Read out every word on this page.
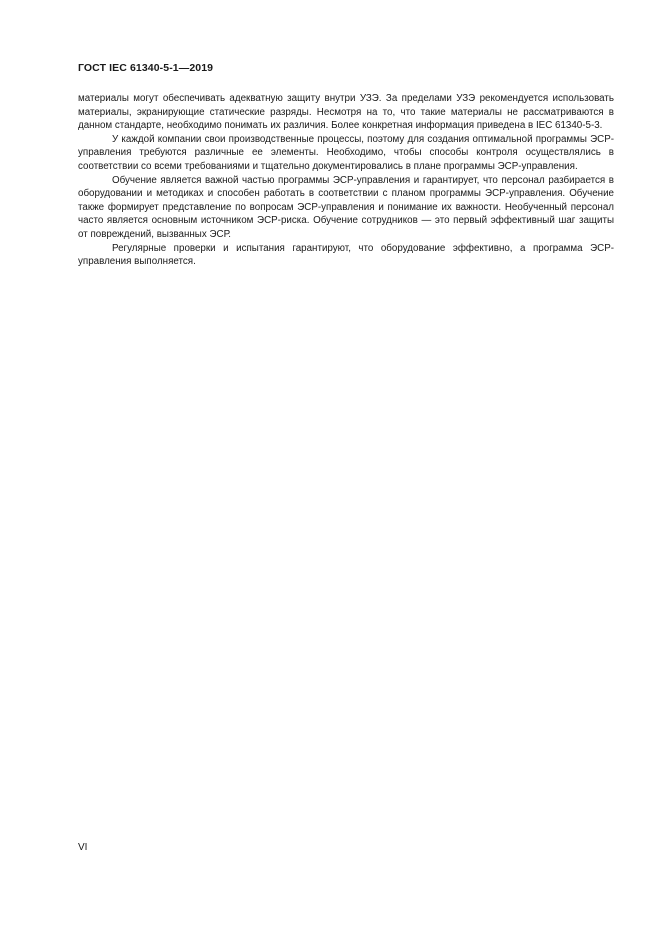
ГОСТ IEC 61340-5-1—2019

материалы могут обеспечивать адекватную защиту внутри УЗЭ. За пределами УЗЭ рекомендуется использовать материалы, экранирующие статические разряды. Несмотря на то, что такие материалы не рассматриваются в данном стандарте, необходимо понимать их различия. Более конкретная информация приведена в IEC 61340-5-3.

У каждой компании свои производственные процессы, поэтому для создания оптимальной программы ЭСР-управления требуются различные ее элементы. Необходимо, чтобы способы контроля осуществлялись в соответствии со всеми требованиями и тщательно документировались в плане программы ЭСР-управления.

Обучение является важной частью программы ЭСР-управления и гарантирует, что персонал разбирается в оборудовании и методиках и способен работать в соответствии с планом программы ЭСР-управления. Обучение также формирует представление по вопросам ЭСР-управления и понимание их важности. Необученный персонал часто является основным источником ЭСР-риска. Обучение сотрудников — это первый эффективный шаг защиты от повреждений, вызванных ЭСР.

Регулярные проверки и испытания гарантируют, что оборудование эффективно, а программа ЭСР-управления выполняется.

VI
